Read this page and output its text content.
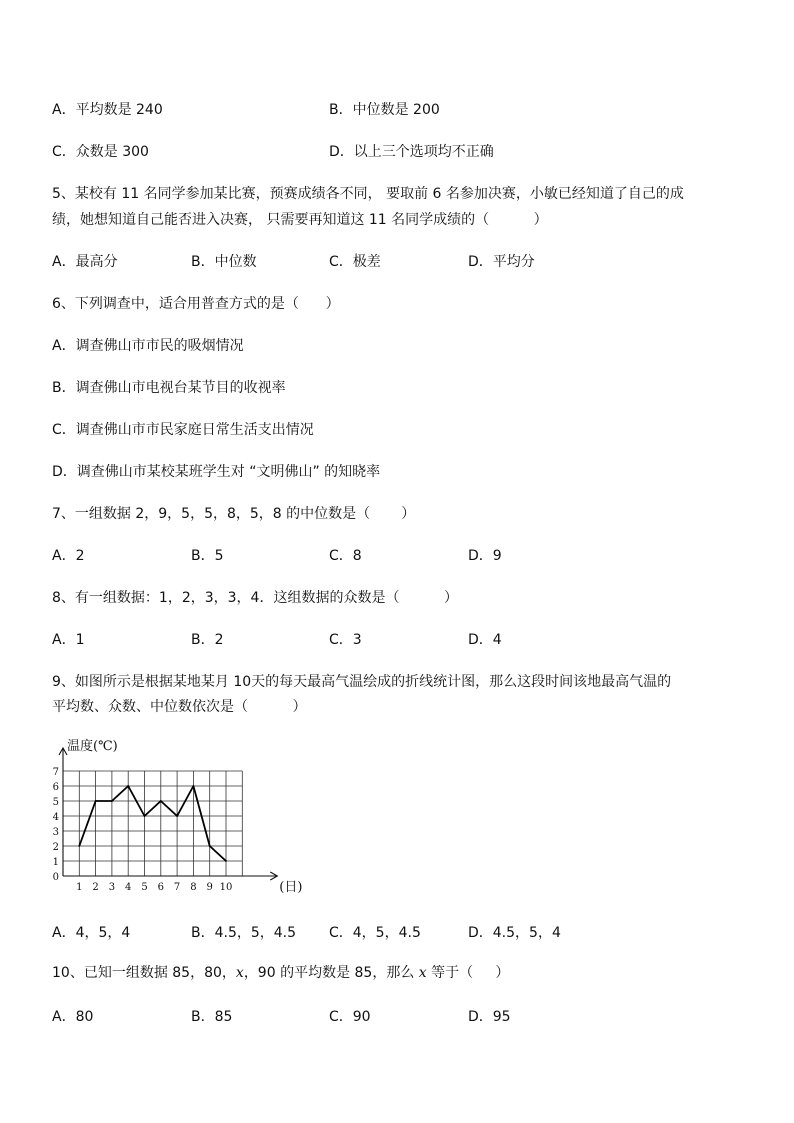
A．平均数是 240	B．中位数是 200
C．众数是 300	D．以上三个选项均不正确
5、某校有 11 名同学参加某比赛，预赛成绩各不同， 要取前 6 名参加决赛，小敏已经知道了自己的成
绩，她想知道自己能否进入决赛， 只需要再知道这 11 名同学成绩的（          ）
A．最高分	B．中位数	C．极差	D．平均分
6、下列调查中，适合用普查方式的是（      ）
A．调查佛山市市民的吸烟情况
B．调查佛山市电视台某节目的收视率
C．调查佛山市市民家庭日常生活支出情况
D．调查佛山市某校某班学生对 “文明佛山” 的知晓率
7、一组数据 2，9，5，5，8，5，8 的中位数是（       ）
A．2	B．5	C．8	D．9
8、有一组数据：1，2，3，3，4．这组数据的众数是（          ）
A．1	B．2	C．3	D．4
9、如图所示是根据某地某月 10天的每天最高气温绘成的折线统计图，那么这段时间该地最高气温的
平均数、众数、中位数依次是（          ）
1 2 3 4 5 6 7 8 9 10
0
1
2
3
4
5
6
7
温度(℃)
(日)
A．4，5，4	B．4.5，5，4.5 C．4，5，4.5	D．4.5，5，4
10、已知一组数据 85，80，x，90 的平均数是 85，那么 x 等于（     ）
A．80	B．85	C．90	D．95
